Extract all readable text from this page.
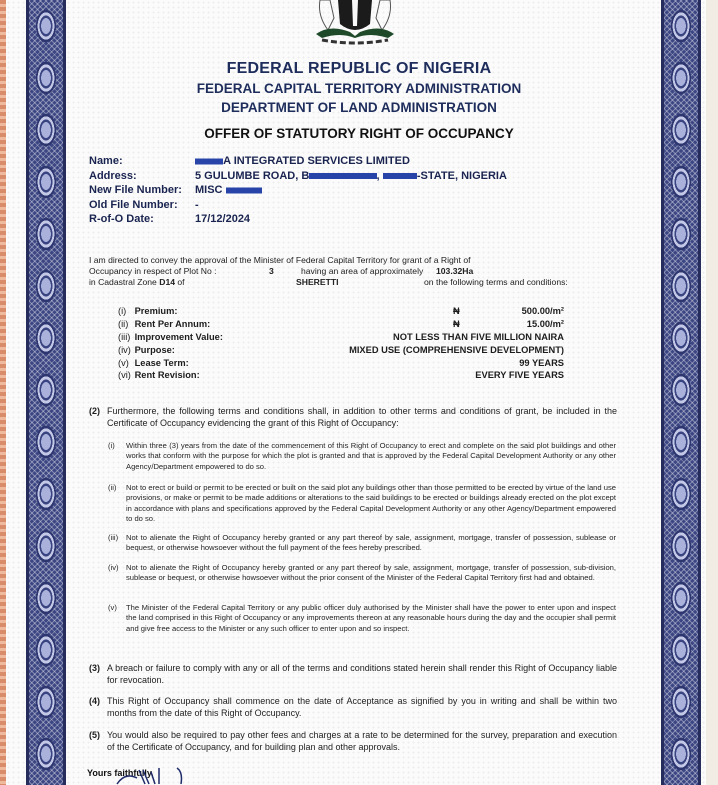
FEDERAL REPUBLIC OF NIGERIA
FEDERAL CAPITAL TERRITORY ADMINISTRATION
DEPARTMENT OF LAND ADMINISTRATION
OFFER OF STATUTORY RIGHT OF OCCUPANCY
Name:	A INTEGRATED SERVICES LIMITED
Address:	5 GULUMBE ROAD, B	,	-STATE, NIGERIA
New File Number:	MISC
Old File Number:	-
R-of-O Date:	17/12/2024
I am directed to convey the approval of the Minister of Federal Capital Territory for grant of a Right of
Occupancy in respect of Plot No :	3	having an area of approximately 103.32Ha
in Cadastral Zone D14 of	SHERETTI	on the following terms and conditions:
(i) Premium:	₦	500.00/m²
(ii) Rent Per Annum:	₦	15.00/m²
(iii) Improvement Value:	NOT LESS THAN FIVE MILLION NAIRA
(iv) Purpose:	MIXED USE (COMPREHENSIVE DEVELOPMENT)
(v) Lease Term:	99 YEARS
(vi) Rent Revision:	EVERY FIVE YEARS
(2) Furthermore, the following terms and conditions shall, in addition to other terms and conditions of grant, be included in the Certificate of Occupancy evidencing the grant of this Right of Occupancy:
(i)	Within three (3) years from the date of the commencement of this Right of Occupancy to erect and complete on the said plot buildings and other works that conform with the purpose for which the plot is granted and that is approved by the Federal Capital Development Authority or any other Agency/Department empowered to do so.
(ii)	Not to erect or build or permit to be erected or built on the said plot any buildings other than those permitted to be erected by virtue of the land use provisions, or make or permit to be made additions or alterations to the said buildings to be erected or buildings already erected on the plot except in accordance with plans and specifications approved by the Federal Capital Development Authority or any other Agency/Department empowered to do so.
(iii)	Not to alienate the Right of Occupancy hereby granted or any part thereof by sale, assignment, mortgage, transfer of possession, sublease or bequest, or otherwise howsoever without the full payment of the fees hereby prescribed.
(iv) Not to alienate the Right of Occupancy hereby granted or any part thereof by sale, assignment, mortgage, transfer of possession, sub-division, sublease or bequest, or otherwise howsoever without the prior consent of the Minister of the Federal Capital Territory first had and obtained.
(v)	The Minister of the Federal Capital Territory or any public officer duly authorised by the Minister shall have the power to enter upon and inspect the land comprised in this Right of Occupancy or any improvements thereon at any reasonable hours during the day and the occupier shall permit and give free access to the Minister or any such officer to enter upon and so inspect.
(3) A breach or failure to comply with any or all of the terms and conditions stated herein shall render this Right of Occupancy liable for revocation.
(4) This Right of Occupancy shall commence on the date of Acceptance as signified by you in writing and shall be within two months from the date of this Right of Occupancy.
(5) You would also be required to pay other fees and charges at a rate to be determined for the survey, preparation and execution of the Certificate of Occupancy, and for building plan and other approvals.
Yours faithfully,
